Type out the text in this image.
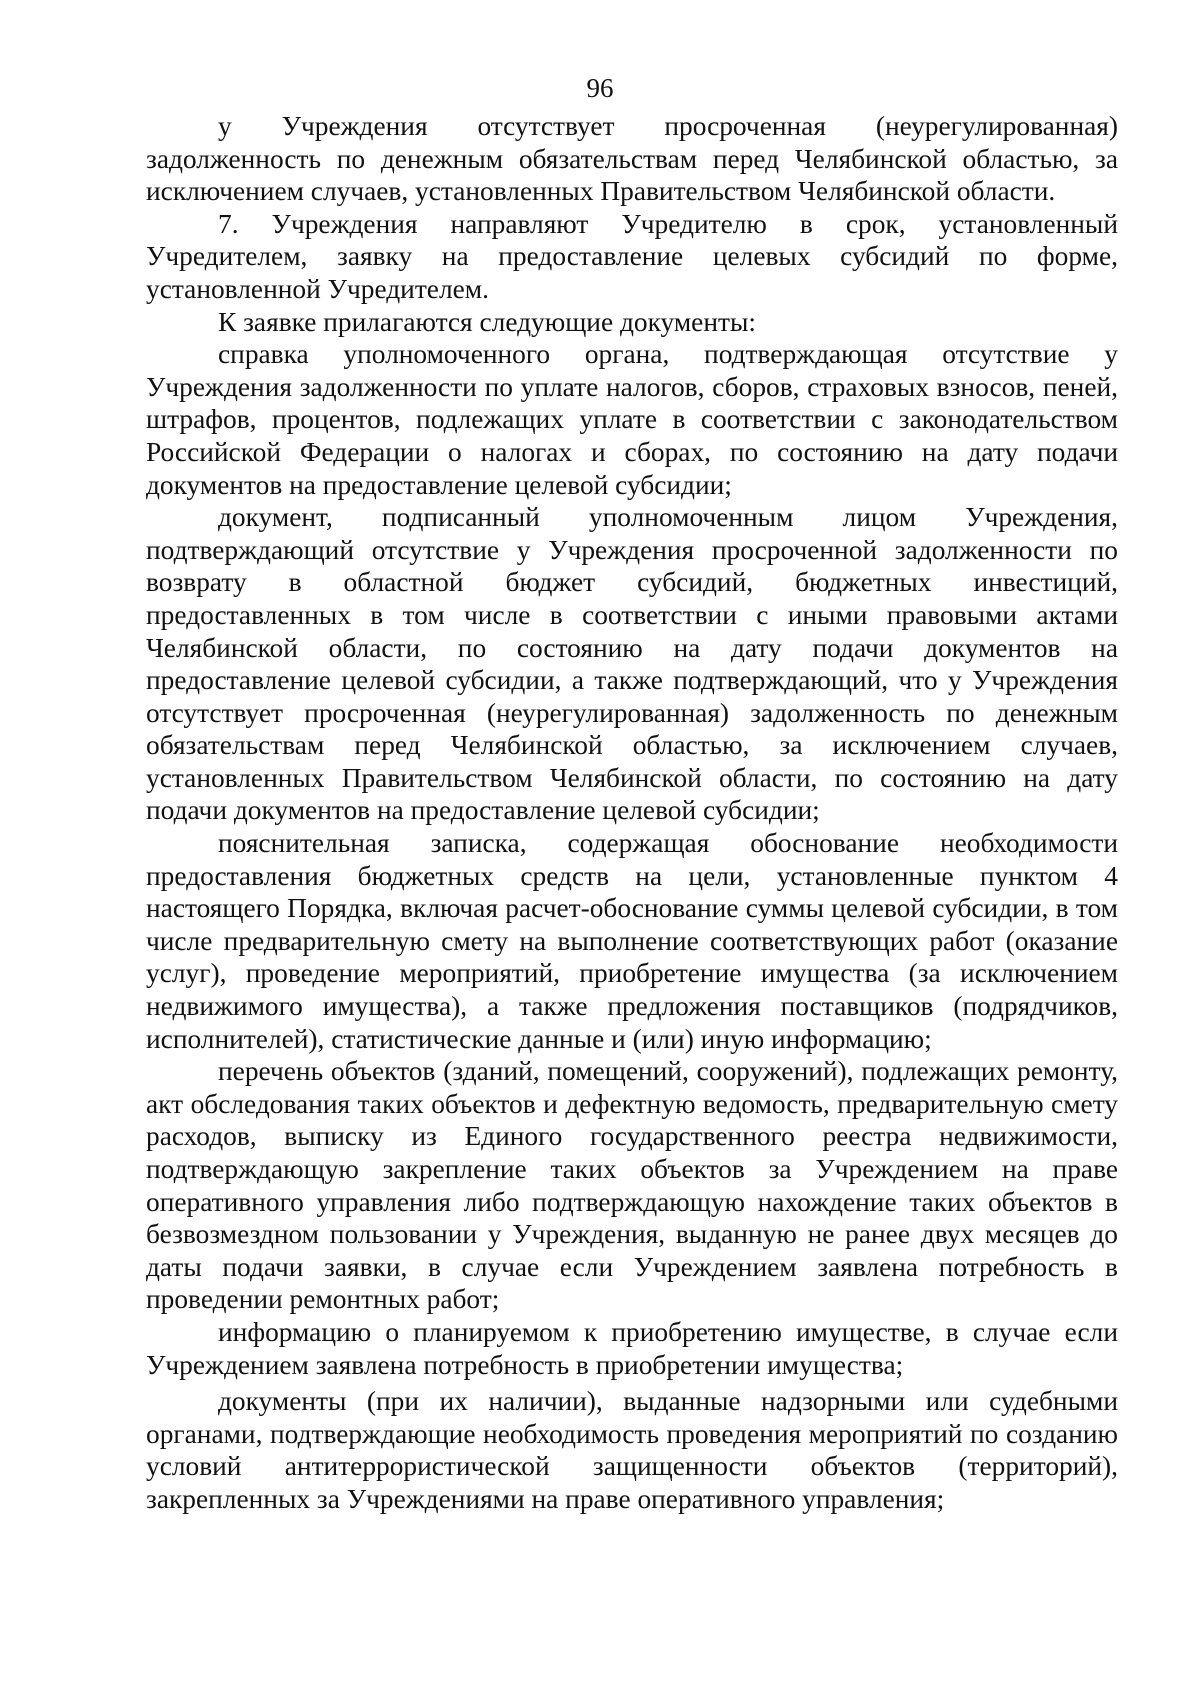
96

у Учреждения отсутствует просроченная (неурегулированная) задолженность по денежным обязательствам перед Челябинской областью, за исключением случаев, установленных Правительством Челябинской области.

7. Учреждения направляют Учредителю в срок, установленный Учредителем, заявку на предоставление целевых субсидий по форме, установленной Учредителем.

К заявке прилагаются следующие документы:

справка уполномоченного органа, подтверждающая отсутствие у Учреждения задолженности по уплате налогов, сборов, страховых взносов, пеней, штрафов, процентов, подлежащих уплате в соответствии с законодательством Российской Федерации о налогах и сборах, по состоянию на дату подачи документов на предоставление целевой субсидии;

документ, подписанный уполномоченным лицом Учреждения, подтверждающий отсутствие у Учреждения просроченной задолженности по возврату в областной бюджет субсидий, бюджетных инвестиций, предоставленных в том числе в соответствии с иными правовыми актами Челябинской области, по состоянию на дату подачи документов на предоставление целевой субсидии, а также подтверждающий, что у Учреждения отсутствует просроченная (неурегулированная) задолженность по денежным обязательствам перед Челябинской областью, за исключением случаев, установленных Правительством Челябинской области, по состоянию на дату подачи документов на предоставление целевой субсидии;

пояснительная записка, содержащая обоснование необходимости предоставления бюджетных средств на цели, установленные пунктом 4 настоящего Порядка, включая расчет-обоснование суммы целевой субсидии, в том числе предварительную смету на выполнение соответствующих работ (оказание услуг), проведение мероприятий, приобретение имущества (за исключением недвижимого имущества), а также предложения поставщиков (подрядчиков, исполнителей), статистические данные и (или) иную информацию;

перечень объектов (зданий, помещений, сооружений), подлежащих ремонту, акт обследования таких объектов и дефектную ведомость, предварительную смету расходов, выписку из Единого государственного реестра недвижимости, подтверждающую закрепление таких объектов за Учреждением на праве оперативного управления либо подтверждающую нахождение таких объектов в безвозмездном пользовании у Учреждения, выданную не ранее двух месяцев до даты подачи заявки, в случае если Учреждением заявлена потребность в проведении ремонтных работ;

информацию о планируемом к приобретению имуществе, в случае если Учреждением заявлена потребность в приобретении имущества;

документы (при их наличии), выданные надзорными или судебными органами, подтверждающие необходимость проведения мероприятий по созданию условий антитеррористической защищенности объектов (территорий), закрепленных за Учреждениями на праве оперативного управления;
